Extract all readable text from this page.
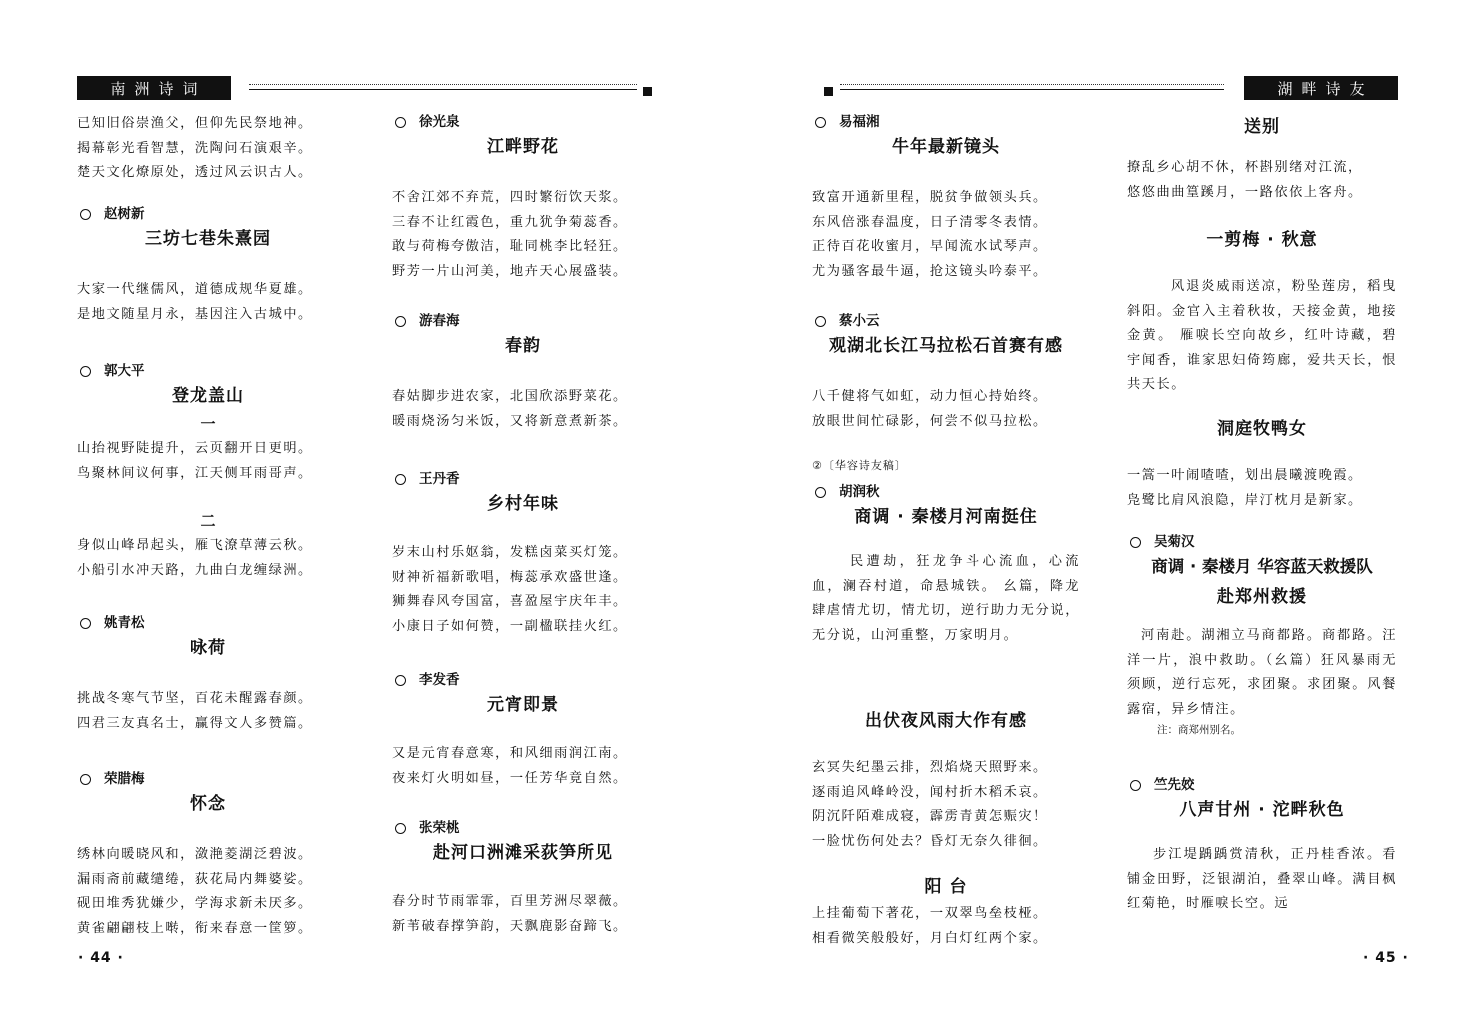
南洲诗词
已知旧俗崇渔父，但仰先民祭地神。
揭幕彰光看智慧，洗陶问石演艰辛。
楚天文化燎原处，透过风云识古人。
赵树新
三坊七巷朱熹园
大家一代继儒风，道德成规华夏雄。
是地文随星月永，基因注入古城中。
郭大平
登龙盖山
一
山抬视野陡提升，云页翻开日更明。
鸟聚林间议何事，江天侧耳雨哥声。
二
身似山峰昂起头，雁飞潦草薄云秋。
小船引水冲天路，九曲白龙缠绿洲。
姚青松
咏荷
挑战冬寒气节坚，百花未醒露春颜。
四君三友真名士，赢得文人多赞篇。
荣腊梅
怀念
绣林向暖晓风和，潋滟菱湖泛碧波。
漏雨斋前藏缱绻，荻花局内舞婆娑。
砚田堆秀犹嫌少，学海求新未厌多。
黄雀翩翩枝上啭，衔来春意一筐箩。
徐光泉
江畔野花
不舍江郊不弃荒，四时繁衍饮天浆。
三春不让红霞色，重九犹争菊蕊香。
敢与荷梅夸傲洁，耻同桃李比轻狂。
野芳一片山河美，地卉天心展盛装。
游春海
春韵
春姑脚步进农家，北国欣添野菜花。
暖雨烧汤匀米饭，又将新意煮新茶。
王丹香
乡村年味
岁末山村乐妪翁，发糕卤菜买灯笼。
财神祈福新歌唱，梅蕊承欢盛世逢。
狮舞春风夸国富，喜盈屋宇庆年丰。
小康日子如何赞，一副楹联挂火红。
李发香
元宵即景
又是元宵春意寒，和风细雨润江南。
夜来灯火明如昼，一任芳华竟自然。
张荣桃
赴河口洲滩采荻笋所见
春分时节雨霏霏，百里芳洲尽翠薇。
新苇破春撑笋韵，天飘鹿影奋蹄飞。
· 44 ·
湖畔诗友
易福湘
牛年最新镜头
致富开通新里程，脱贫争做领头兵。
东风倍涨春温度，日子清零冬表情。
正待百花收蜜月，早闻流水试琴声。
尤为骚客最牛逼，抢这镜头吟泰平。
蔡小云
观湖北长江马拉松石首赛有感
八千健将气如虹，动力恒心持始终。
放眼世间忙碌影，何尝不似马拉松。
②〔华容诗友稿〕
胡润秋
商调 · 秦楼月河南挺住
民遭劫，狂龙争斗心流血，心流血，澜吞村道，命悬城铁。 幺篇，降龙肆虐情尤切，情尤切，逆行助力无分说，无分说，山河重整，万家明月。
出伏夜风雨大作有感
玄冥失纪墨云排，烈焰烧天照野来。
逐雨追风峰岭没，闻村折木稻禾哀。
阴沉阡陌难成寝，霹雳青黄怎赈灾！
一脸忧伤何处去？昏灯无奈久徘徊。
阳 台
上挂葡萄下著花，一双翠鸟垒枝桠。
相看微笑般般好，月白灯红两个家。
送别
撩乱乡心胡不休，杯斟别绪对江流，
悠悠曲曲篁蹊月，一路依依上客舟。
一剪梅 · 秋意
风退炎威雨送凉，粉坠莲房，稻曳斜阳。金官入主着秋妆，天接金黄，地接金黄。 雁唳长空向故乡，红叶诗藏，碧宇闻香，谁家思妇倚筠廊，爱共天长，恨共天长。
洞庭牧鸭女
一篙一叶闹喳喳，划出晨曦渡晚霞。
凫鹭比肩风浪隐，岸汀枕月是新家。
吴菊汉
商调 · 秦楼月 华容蓝天救援队
赴郑州救援
河南赴。湖湘立马商都路。商都路。汪洋一片，浪中救助。（幺篇）狂风暴雨无须顾，逆行忘死，求团聚。求团聚。风餐露宿，异乡情注。
注：商郑州别名。
竺先姣
八声甘州 · 沱畔秋色
步江堤踽踽赏清秋，正丹桂香浓。看铺金田野，泛银湖泊，叠翠山峰。满目枫红菊艳，时雁唳长空。远
· 45 ·
